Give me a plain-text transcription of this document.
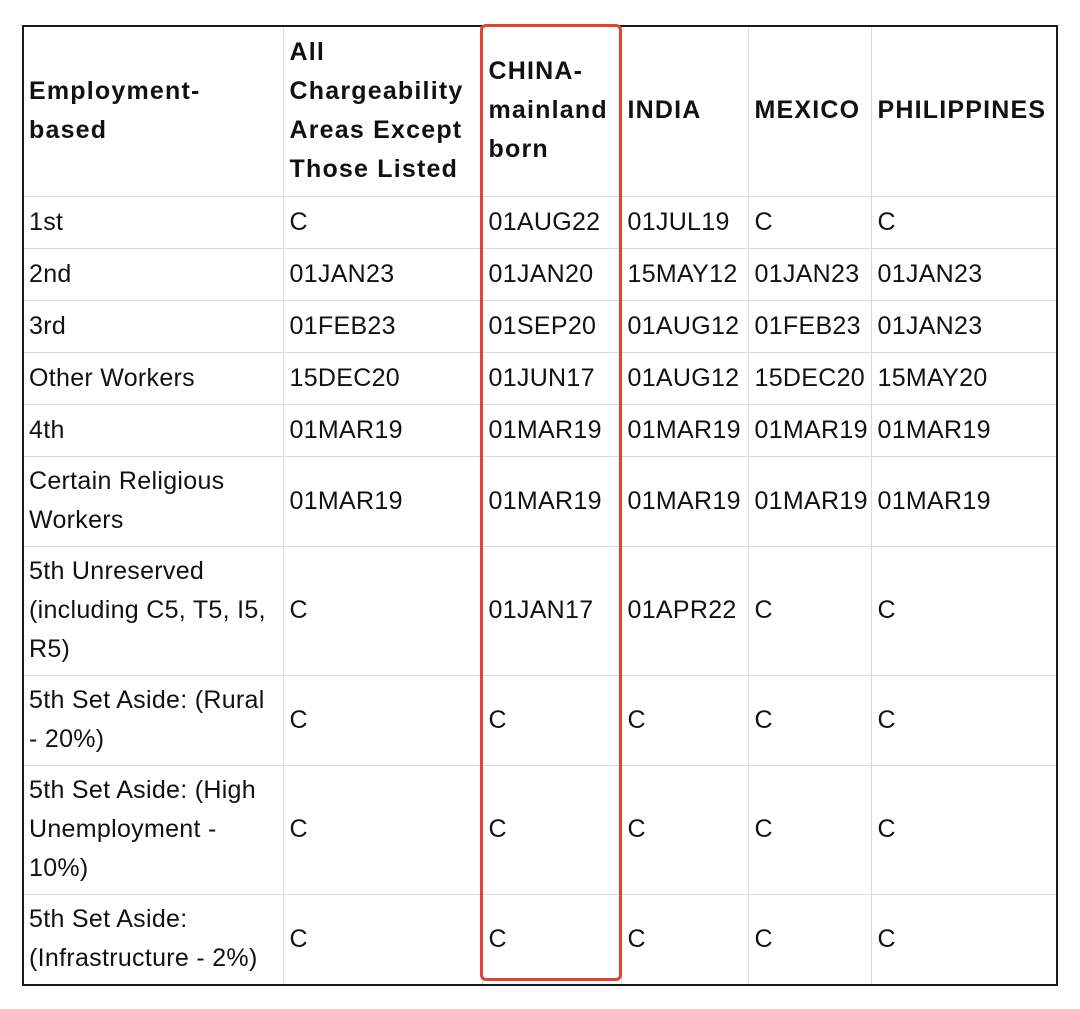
Employment-based	All Chargeability Areas Except Those Listed	CHINA-mainland born	INDIA	MEXICO	PHILIPPINES
1st	C	01AUG22	01JUL19	C	C
2nd	01JAN23	01JAN20	15MAY12	01JAN23	01JAN23
3rd	01FEB23	01SEP20	01AUG12	01FEB23	01JAN23
Other Workers	15DEC20	01JUN17	01AUG12	15DEC20	15MAY20
4th	01MAR19	01MAR19	01MAR19	01MAR19	01MAR19
Certain Religious Workers	01MAR19	01MAR19	01MAR19	01MAR19	01MAR19
5th Unreserved (including C5, T5, I5, R5)	C	01JAN17	01APR22	C	C
5th Set Aside: (Rural - 20%)	C	C	C	C	C
5th Set Aside: (High Unemployment - 10%)	C	C	C	C	C
5th Set Aside: (Infrastructure - 2%)	C	C	C	C	C
